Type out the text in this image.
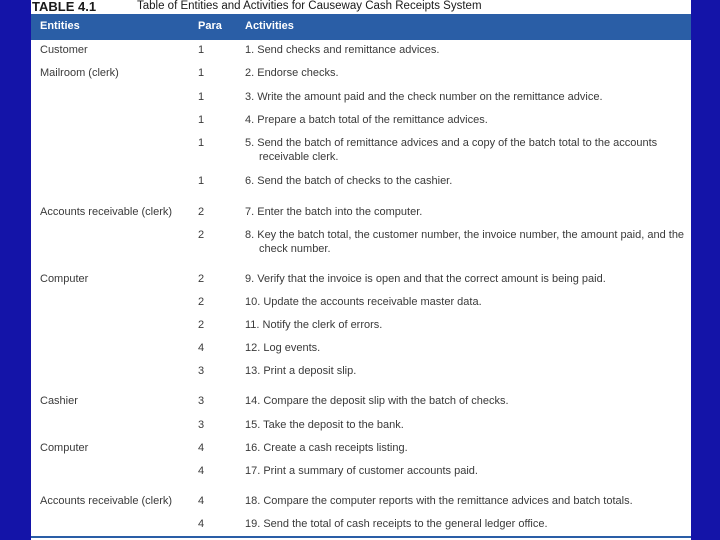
TABLE 4.1	Table of Entities and Activities for Causeway Cash Receipts System
Entities	Para Activities
Customer	1	1. Send checks and remittance advices.
Mailroom (clerk)	1	2. Endorse checks.
1	3. Write the amount paid and the check number on the remittance advice.
1	4. Prepare a batch total of the remittance advices.
1	5. Send the batch of remittance advices and a copy of the batch total to the accounts receivable clerk.
1	6. Send the batch of checks to the cashier.
Accounts receivable (clerk)	2	7. Enter the batch into the computer.
2	8. Key the batch total, the customer number, the invoice number, the amount paid, and the check number.
Computer	2	9. Verify that the invoice is open and that the correct amount is being paid.
2	10. Update the accounts receivable master data.
2	11. Notify the clerk of errors.
4	12. Log events.
3	13. Print a deposit slip.
Cashier	3	14. Compare the deposit slip with the batch of checks.
3	15. Take the deposit to the bank.
Computer	4	16. Create a cash receipts listing.
4	17. Print a summary of customer accounts paid.
Accounts receivable (clerk)	4	18. Compare the computer reports with the remittance advices and batch totals.
4	19. Send the total of cash receipts to the general ledger office.
